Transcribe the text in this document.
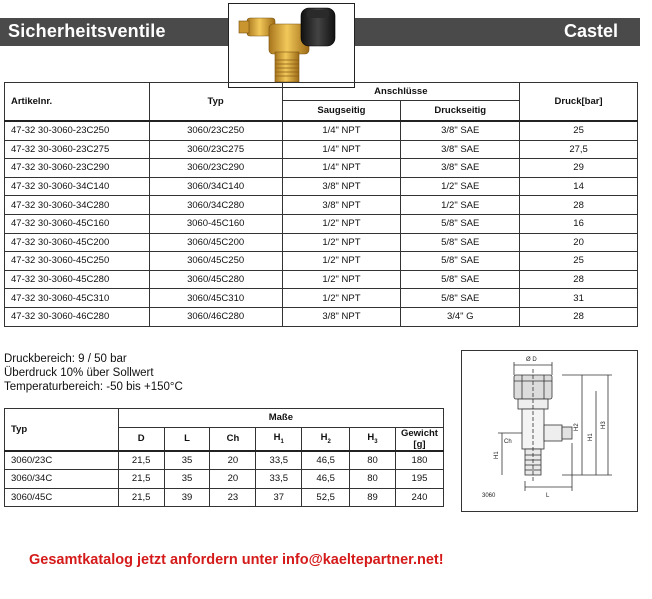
Sicherheitsventile	Castel
Artikelnr.	Typ	Anschlüsse		Druck[bar]
		Saugseitig	Druckseitig	
47-32 30-3060-23C250	3060/23C250	1/4" NPT	3/8" SAE	25
47-32 30-3060-23C275	3060/23C275	1/4" NPT	3/8" SAE	27,5
47-32 30-3060-23C290	3060/23C290	1/4" NPT	3/8" SAE	29
47-32 30-3060-34C140	3060/34C140	3/8" NPT	1/2" SAE	14
47-32 30-3060-34C280	3060/34C280	3/8" NPT	1/2" SAE	28
47-32 30-3060-45C160	3060-45C160	1/2" NPT	5/8" SAE	16
47-32 30-3060-45C200	3060/45C200	1/2" NPT	5/8" SAE	20
47-32 30-3060-45C250	3060/45C250	1/2" NPT	5/8" SAE	25
47-32 30-3060-45C280	3060/45C280	1/2" NPT	5/8" SAE	28
47-32 30-3060-45C310	3060/45C310	1/2" NPT	5/8" SAE	31
47-32 30-3060-46C280	3060/46C280	3/8" NPT	3/4" G	28
Druckbereich: 9 / 50 bar
Überdruck 10% über Sollwert
Temperaturbereich: -50 bis +150°C
Typ	Maße						
	D	L	Ch	$H_1$	$H_2$	$H_3$	Gewicht [g]
3060/23C	21,5	35	20	33,5	46,5	80	180
3060/34C	21,5	35	20	33,5	46,5	80	195
3060/45C	21,5	39	23	37	52,5	89	240
Ø D
H2
H1
H3
H1
Ch
L
3060
Gesamtkatalog jetzt anfordern unter info@kaeltepartner.net!
